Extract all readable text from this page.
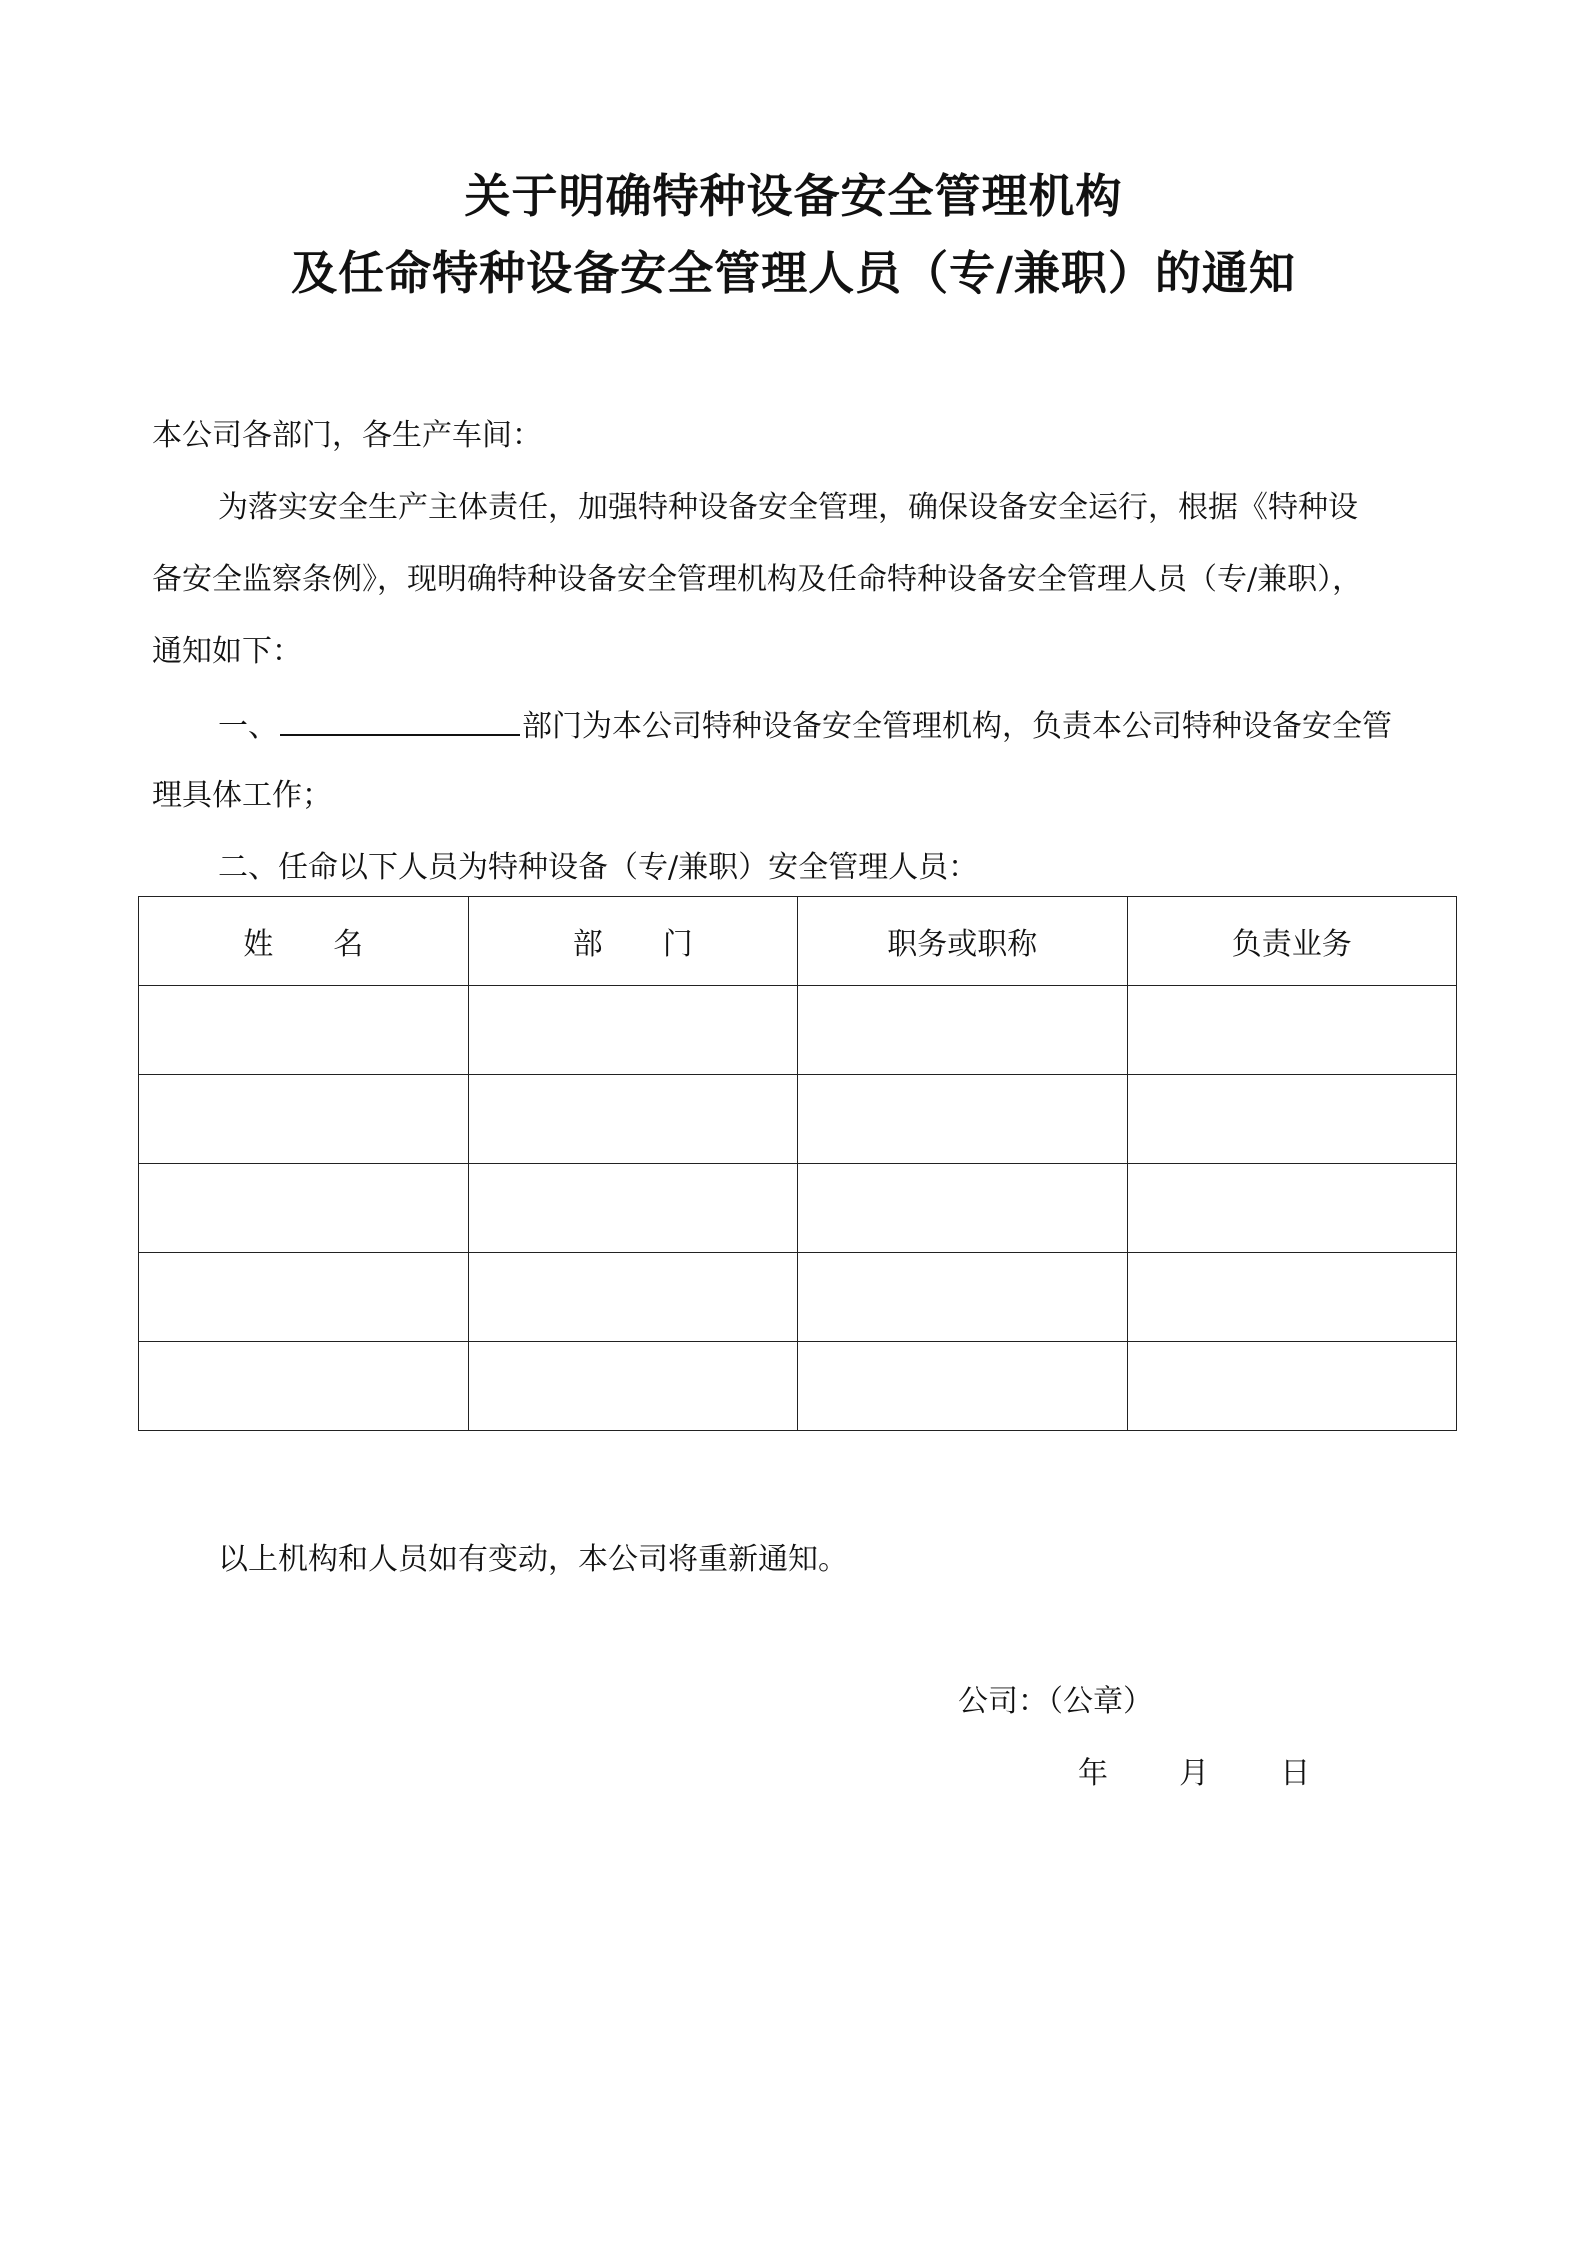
关于明确特种设备安全管理机构
及任命特种设备安全管理人员（专/兼职）的通知
本公司各部门，各生产车间：
为落实安全生产主体责任，加强特种设备安全管理，确保设备安全运行，根据《特种设
备安全监察条例》，现明确特种设备安全管理机构及任命特种设备安全管理人员（专/兼职），
通知如下：
一、	部门为本公司特种设备安全管理机构，负责本公司特种设备安全管
理具体工作；
二、任命以下人员为特种设备（专/兼职）安全管理人员：
姓　　名	部　　门	职务或职称	负责业务

以上机构和人员如有变动，本公司将重新通知。
公司：（公章）
年 月 日
